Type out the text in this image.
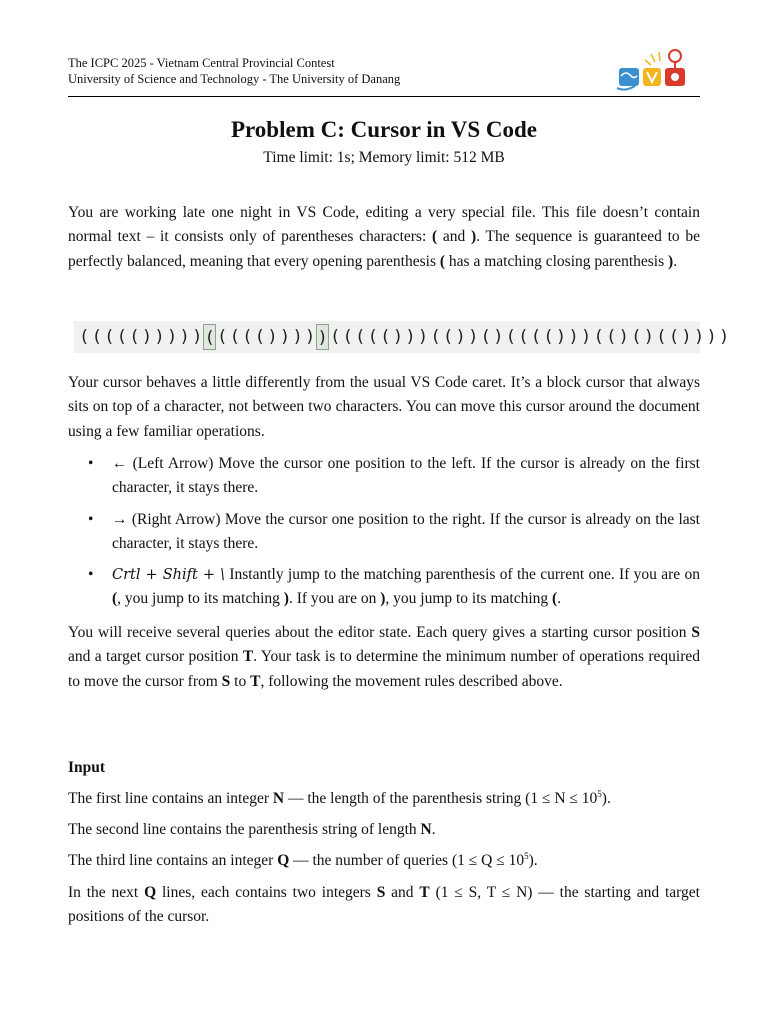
The ICPC 2025 - Vietnam Central Provincial Contest
University of Science and Technology - The University of Danang
Problem C: Cursor in VS Code
Time limit: 1s; Memory limit: 512 MB
You are working late one night in VS Code, editing a very special file. This file doesn’t contain normal text – it consists only of parentheses characters: ( and ). The sequence is guaranteed to be perfectly balanced, meaning that every opening parenthesis ( has a matching closing parenthesis ).
( ( ( ( ( ) ) ) ) ) ( ( ( ( ( ) ) ) ) ) ( ( ( ( ( ) ) ) ( ( ) ) ( ) ( ( ( ( ) ) ) ( ( ) ( ) ( ( ) ) ) )
Your cursor behaves a little differently from the usual VS Code caret. It’s a block cursor that always sits on top of a character, not between two characters. You can move this cursor around the document using a few familiar operations.
• ← (Left Arrow) Move the cursor one position to the left. If the cursor is already on the first character, it stays there.
• → (Right Arrow) Move the cursor one position to the right. If the cursor is already on the last character, it stays there.
• Crtl + Shift + \ Instantly jump to the matching parenthesis of the current one. If you are on (, you jump to its matching ). If you are on ), you jump to its matching (.
You will receive several queries about the editor state. Each query gives a starting cursor position S and a target cursor position T. Your task is to determine the minimum number of operations required to move the cursor from S to T, following the movement rules described above.
Input
The first line contains an integer N — the length of the parenthesis string $(1 \le N \le 10^5)$.
The second line contains the parenthesis string of length N.
The third line contains an integer Q — the number of queries $(1 \le Q \le 10^5)$.
In the next Q lines, each contains two integers S and T (1 ≤ S, T ≤ N) — the starting and target positions of the cursor.
